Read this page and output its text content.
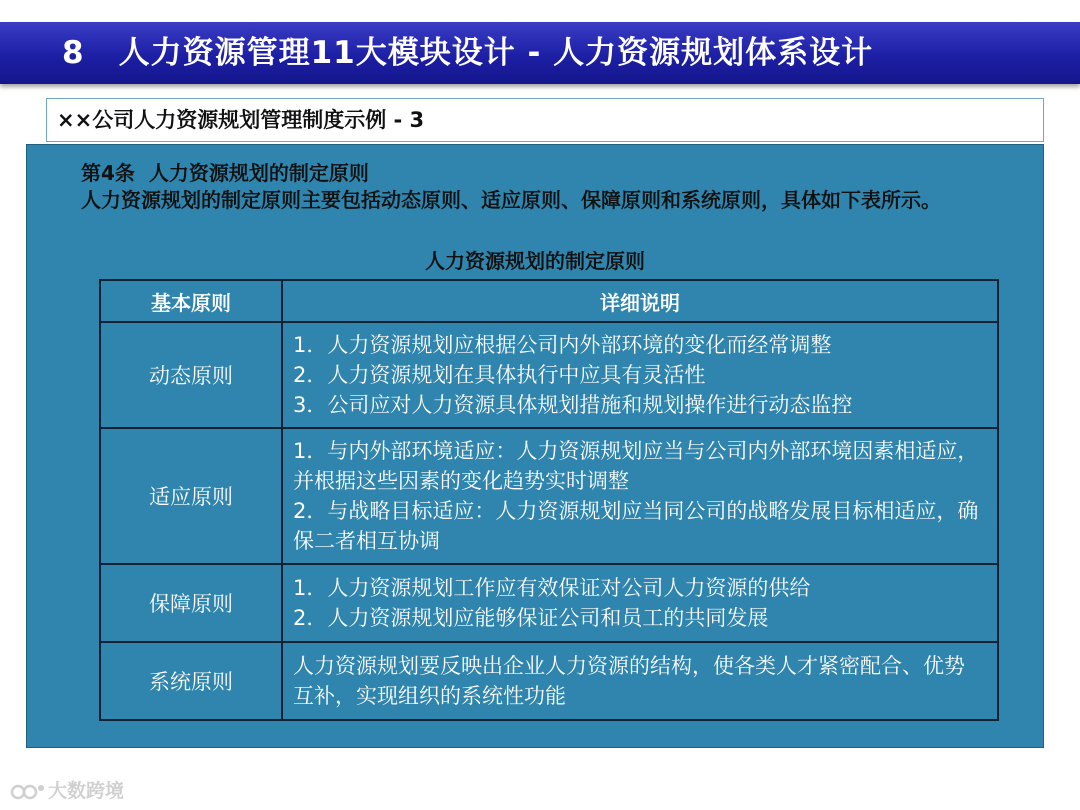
8 人力资源管理11大模块设计 - 人力资源规划体系设计
××公司人力资源规划管理制度示例 - 3
第4条 人力资源规划的制定原则
人力资源规划的制定原则主要包括动态原则、适应原则、保障原则和系统原则，具体如下表所示。
人力资源规划的制定原则
基本原则	详细说明
动态原则	1．人力资源规划应根据公司内外部环境的变化而经常调整
2．人力资源规划在具体执行中应具有灵活性
3．公司应对人力资源具体规划措施和规划操作进行动态监控

适应原则	1．与内外部环境适应：人力资源规划应当与公司内外部环境因素相适应，并根据这些因素的变化趋势实时调整
2．与战略目标适应：人力资源规划应当同公司的战略发展目标相适应，确保二者相互协调

保障原则	1．人力资源规划工作应有效保证对公司人力资源的供给
2．人力资源规划应能够保证公司和员工的共同发展

系统原则	人力资源规划要反映出企业人力资源的结构，使各类人才紧密配合、优势互补，实现组织的系统性功能
大数跨境
